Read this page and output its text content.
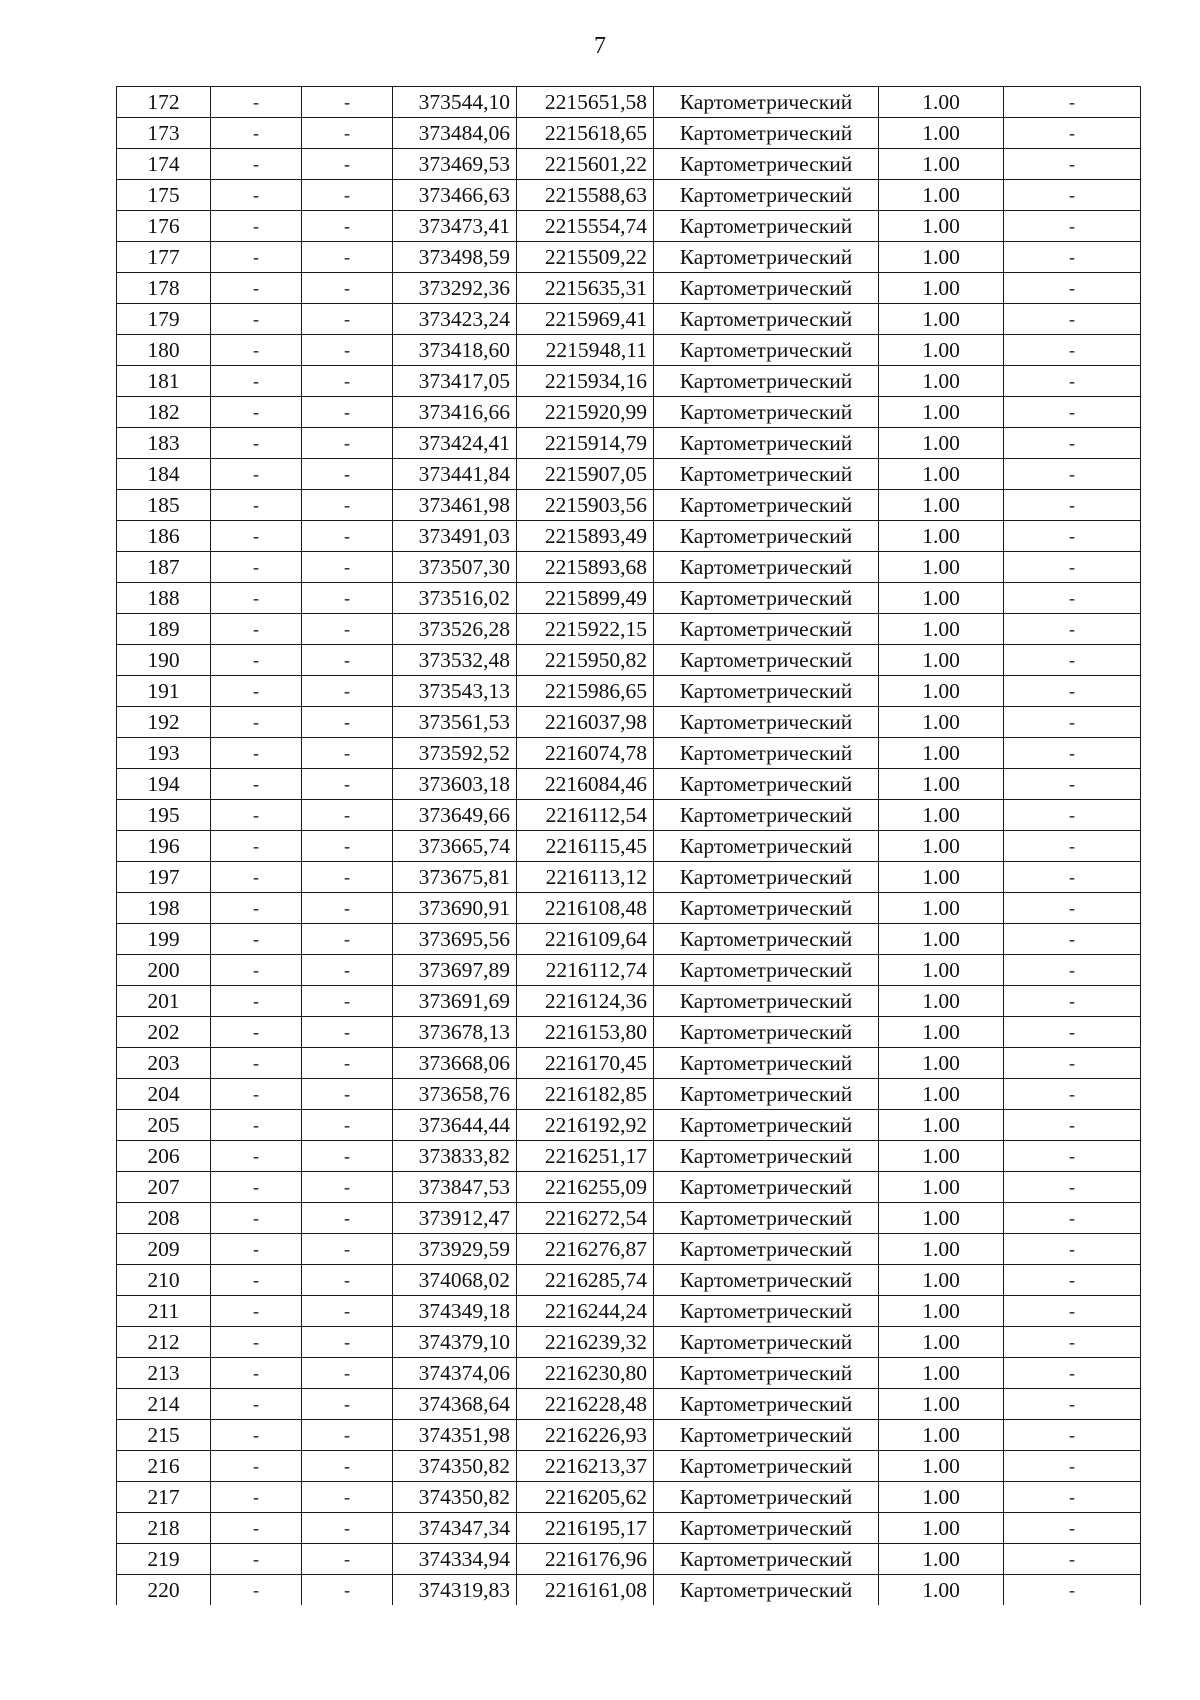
7
172	-	-	373544,10	2215651,58	Картометрический	1.00	-
173	-	-	373484,06	2215618,65	Картометрический	1.00	-
174	-	-	373469,53	2215601,22	Картометрический	1.00	-
175	-	-	373466,63	2215588,63	Картометрический	1.00	-
176	-	-	373473,41	2215554,74	Картометрический	1.00	-
177	-	-	373498,59	2215509,22	Картометрический	1.00	-
178	-	-	373292,36	2215635,31	Картометрический	1.00	-
179	-	-	373423,24	2215969,41	Картометрический	1.00	-
180	-	-	373418,60	2215948,11	Картометрический	1.00	-
181	-	-	373417,05	2215934,16	Картометрический	1.00	-
182	-	-	373416,66	2215920,99	Картометрический	1.00	-
183	-	-	373424,41	2215914,79	Картометрический	1.00	-
184	-	-	373441,84	2215907,05	Картометрический	1.00	-
185	-	-	373461,98	2215903,56	Картометрический	1.00	-
186	-	-	373491,03	2215893,49	Картометрический	1.00	-
187	-	-	373507,30	2215893,68	Картометрический	1.00	-
188	-	-	373516,02	2215899,49	Картометрический	1.00	-
189	-	-	373526,28	2215922,15	Картометрический	1.00	-
190	-	-	373532,48	2215950,82	Картометрический	1.00	-
191	-	-	373543,13	2215986,65	Картометрический	1.00	-
192	-	-	373561,53	2216037,98	Картометрический	1.00	-
193	-	-	373592,52	2216074,78	Картометрический	1.00	-
194	-	-	373603,18	2216084,46	Картометрический	1.00	-
195	-	-	373649,66	2216112,54	Картометрический	1.00	-
196	-	-	373665,74	2216115,45	Картометрический	1.00	-
197	-	-	373675,81	2216113,12	Картометрический	1.00	-
198	-	-	373690,91	2216108,48	Картометрический	1.00	-
199	-	-	373695,56	2216109,64	Картометрический	1.00	-
200	-	-	373697,89	2216112,74	Картометрический	1.00	-
201	-	-	373691,69	2216124,36	Картометрический	1.00	-
202	-	-	373678,13	2216153,80	Картометрический	1.00	-
203	-	-	373668,06	2216170,45	Картометрический	1.00	-
204	-	-	373658,76	2216182,85	Картометрический	1.00	-
205	-	-	373644,44	2216192,92	Картометрический	1.00	-
206	-	-	373833,82	2216251,17	Картометрический	1.00	-
207	-	-	373847,53	2216255,09	Картометрический	1.00	-
208	-	-	373912,47	2216272,54	Картометрический	1.00	-
209	-	-	373929,59	2216276,87	Картометрический	1.00	-
210	-	-	374068,02	2216285,74	Картометрический	1.00	-
211	-	-	374349,18	2216244,24	Картометрический	1.00	-
212	-	-	374379,10	2216239,32	Картометрический	1.00	-
213	-	-	374374,06	2216230,80	Картометрический	1.00	-
214	-	-	374368,64	2216228,48	Картометрический	1.00	-
215	-	-	374351,98	2216226,93	Картометрический	1.00	-
216	-	-	374350,82	2216213,37	Картометрический	1.00	-
217	-	-	374350,82	2216205,62	Картометрический	1.00	-
218	-	-	374347,34	2216195,17	Картометрический	1.00	-
219	-	-	374334,94	2216176,96	Картометрический	1.00	-
220	-	-	374319,83	2216161,08	Картометрический	1.00	-
